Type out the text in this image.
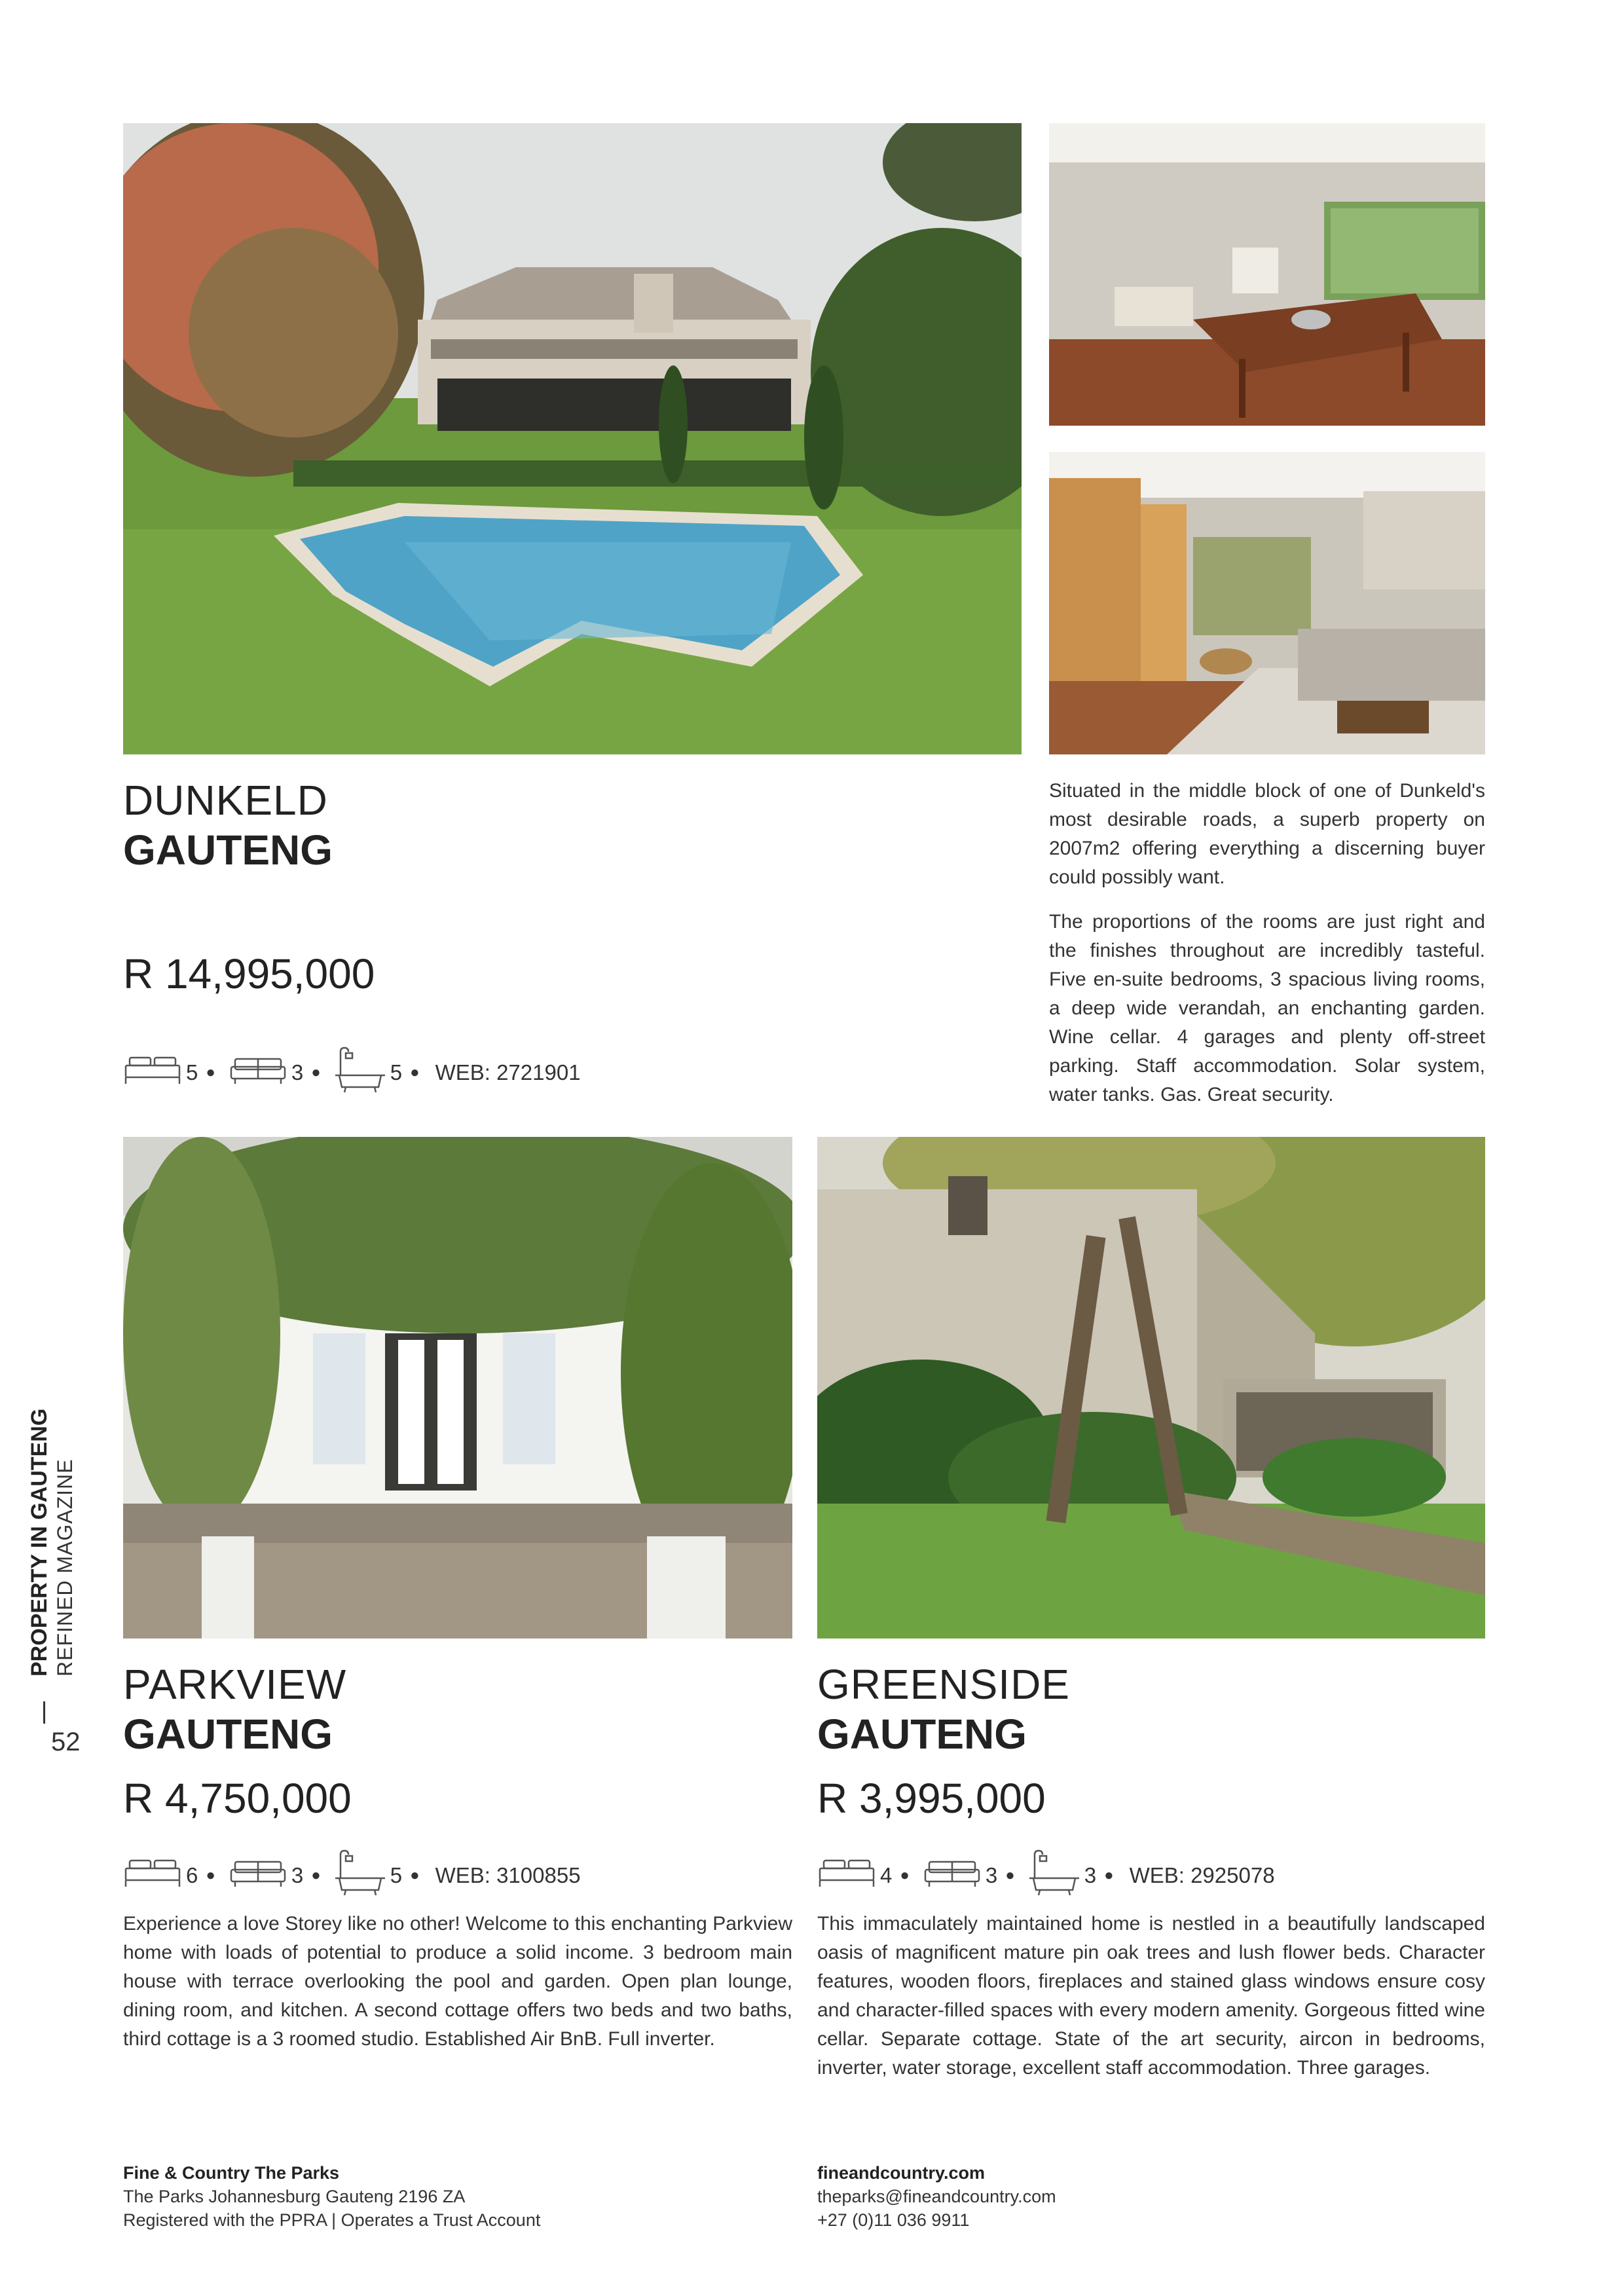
DUNKELD
GAUTENG
R 14,995,000
5 ●	3 ●	5 ● WEB: 2721901

Situated in the middle block of one of Dunkeld's most desirable roads, a superb property on 2007m2 offering everything a discerning buyer could possibly want.

The proportions of the rooms are just right and the finishes throughout are incredibly tasteful. Five en-suite bedrooms, 3 spacious living rooms, a deep wide verandah, an enchanting garden. Wine cellar. 4 garages and plenty off-street parking. Staff accommodation. Solar system, water tanks. Gas. Great security.

PARKVIEW
GAUTENG
R 4,750,000
6 ●	3 ●	5 ● WEB: 3100855
Experience a love Storey like no other! Welcome to this enchanting Parkview home with loads of potential to produce a solid income. 3 bedroom main house with terrace overlooking the pool and garden. Open plan lounge, dining room, and kitchen. A second cottage offers two beds and two baths, third cottage is a 3 roomed studio. Established Air BnB. Full inverter.
GREENSIDE
GAUTENG
R 3,995,000
4 ●	3 ●	3 ● WEB: 2925078
This immaculately maintained home is nestled in a beautifully landscaped oasis of magnificent mature pin oak trees and lush flower beds. Character features, wooden floors, fireplaces and stained glass windows ensure cosy and character-filled spaces with every modern amenity. Gorgeous fitted wine cellar. Separate cottage. State of the art security, aircon in bedrooms, inverter, water storage, excellent staff accommodation. Three garages.
PROPERTY IN GAUTENG REFINED MAGAZINE
52
Fine & Country The Parks
The Parks Johannesburg Gauteng 2196 ZA
Registered with the PPRA | Operates a Trust Account
fineandcountry.com
theparks@fineandcountry.com
+27 (0)11 036 9911
